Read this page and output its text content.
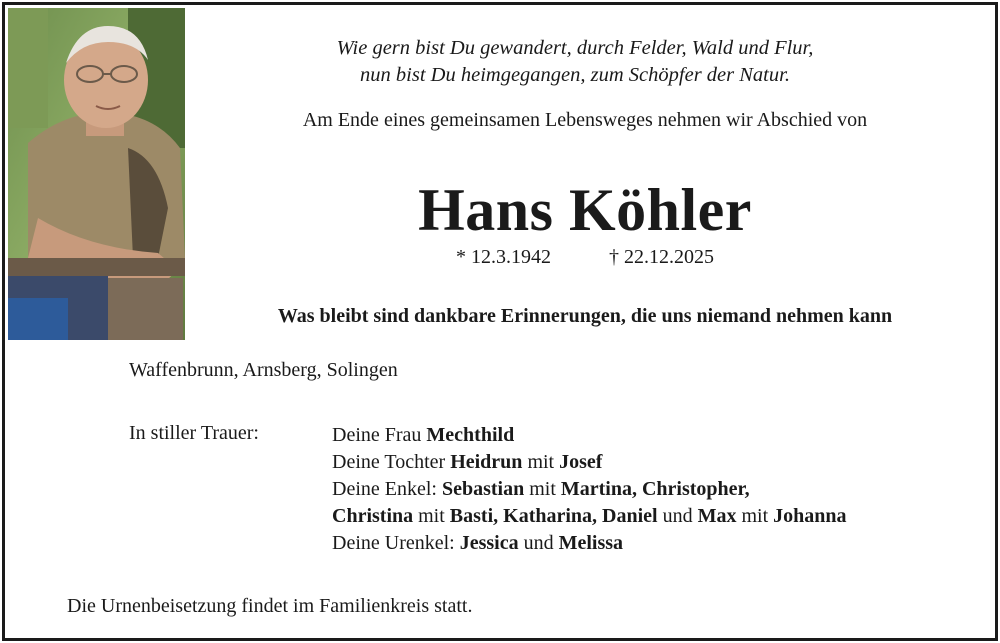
Wie gern bist Du gewandert, durch Felder, Wald und Flur,
nun bist Du heimgegangen, zum Schöpfer der Natur.
Am Ende eines gemeinsamen Lebensweges nehmen wir Abschied von
Hans Köhler
* 12.3.1942	† 22.12.2025
Was bleibt sind dankbare Erinnerungen, die uns niemand nehmen kann
Waffenbrunn, Arnsberg, Solingen
In stiller Trauer:	Deine Frau Mechthild
Deine Tochter Heidrun mit Josef
Deine Enkel: Sebastian mit Martina, Christopher,
Christina mit Basti, Katharina, Daniel und Max mit Johanna
Deine Urenkel: Jessica und Melissa
Die Urnenbeisetzung findet im Familienkreis statt.
